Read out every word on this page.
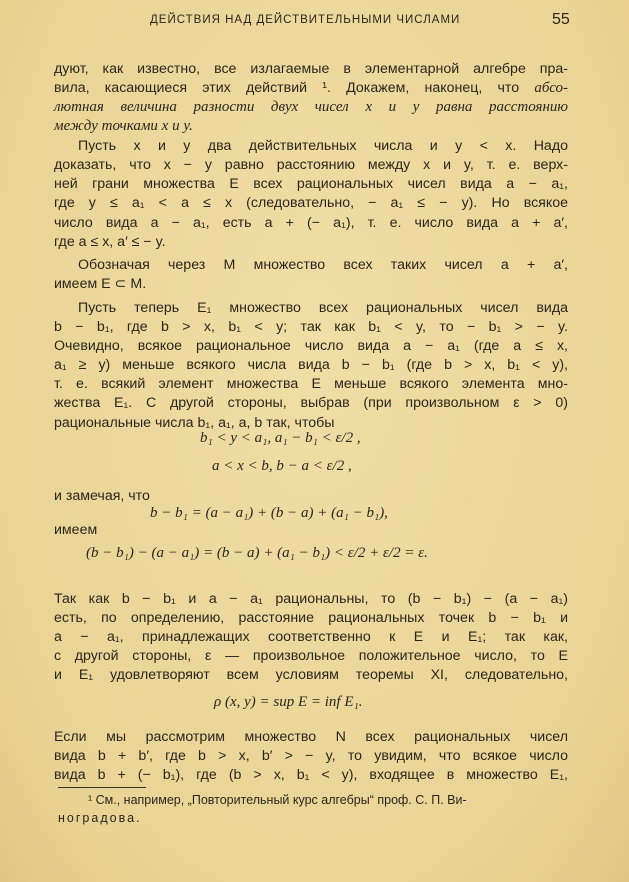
ДЕЙСТВИЯ НАД ДЕЙСТВИТЕЛЬНЫМИ ЧИСЛАМИ	55
дуют, как известно, все излагаемые в элементарной алгебре пра-
вила, касающиеся этих действий ¹. Докажем, наконец, что абсо-
лютная величина разности двух чисел x и y равна расстоянию
между точками x и y.
Пусть x и y два действительных числа и y < x. Надо
доказать, что x − y равно расстоянию между x и y, т. е. верх-
ней грани множества E всех рациональных чисел вида a − a₁,
где y ≤ a₁ < a ≤ x (следовательно, − a₁ ≤ − y). Но всякое
число вида a − a₁, есть a + (− a₁), т. е. число вида a + a′,
где a ≤ x, a′ ≤ − y.
Обозначая через M множество всех таких чисел a + a′,
имеем E ⊂ M.
Пусть теперь E₁ множество всех рациональных чисел вида
b − b₁, где b > x, b₁ < y; так как b₁ < y, то − b₁ > − y.
Очевидно, всякое рациональное число вида a − a₁ (где a ≤ x,
a₁ ≥ y) меньше всякого числа вида b − b₁ (где b > x, b₁ < y),
т. е. всякий элемент множества E меньше всякого элемента мно-
жества E₁. С другой стороны, выбрав (при произвольном ε > 0)
рациональные числа b₁, a₁, a, b так, чтобы
b₁ < y < a₁, a₁ − b₁ < ε/2 ,
a < x < b, b − a < ε/2 ,
и замечая, что
b − b₁ = (a − a₁) + (b − a) + (a₁ − b₁),
имеем
(b − b₁) − (a − a₁) = (b − a) + (a₁ − b₁) < ε/2 + ε/2 = ε.
Так как b − b₁ и a − a₁ рациональны, то (b − b₁) − (a − a₁)
есть, по определению, расстояние рациональных точек b − b₁ и
a − a₁, принадлежащих соответственно к E и E₁; так как,
с другой стороны, ε — произвольное положительное число, то E
и E₁ удовлетворяют всем условиям теоремы XI, следовательно,
ρ (x, y) = sup E = inf E₁.
Если мы рассмотрим множество N всех рациональных чисел
вида b + b′, где b > x, b′ > − y, то увидим, что всякое число
вида b + (− b₁), где (b > x, b₁ < y), входящее в множество E₁,
¹ См., например, „Повторительный курс алгебры“ проф. С. П. Ви-
ноградова.
